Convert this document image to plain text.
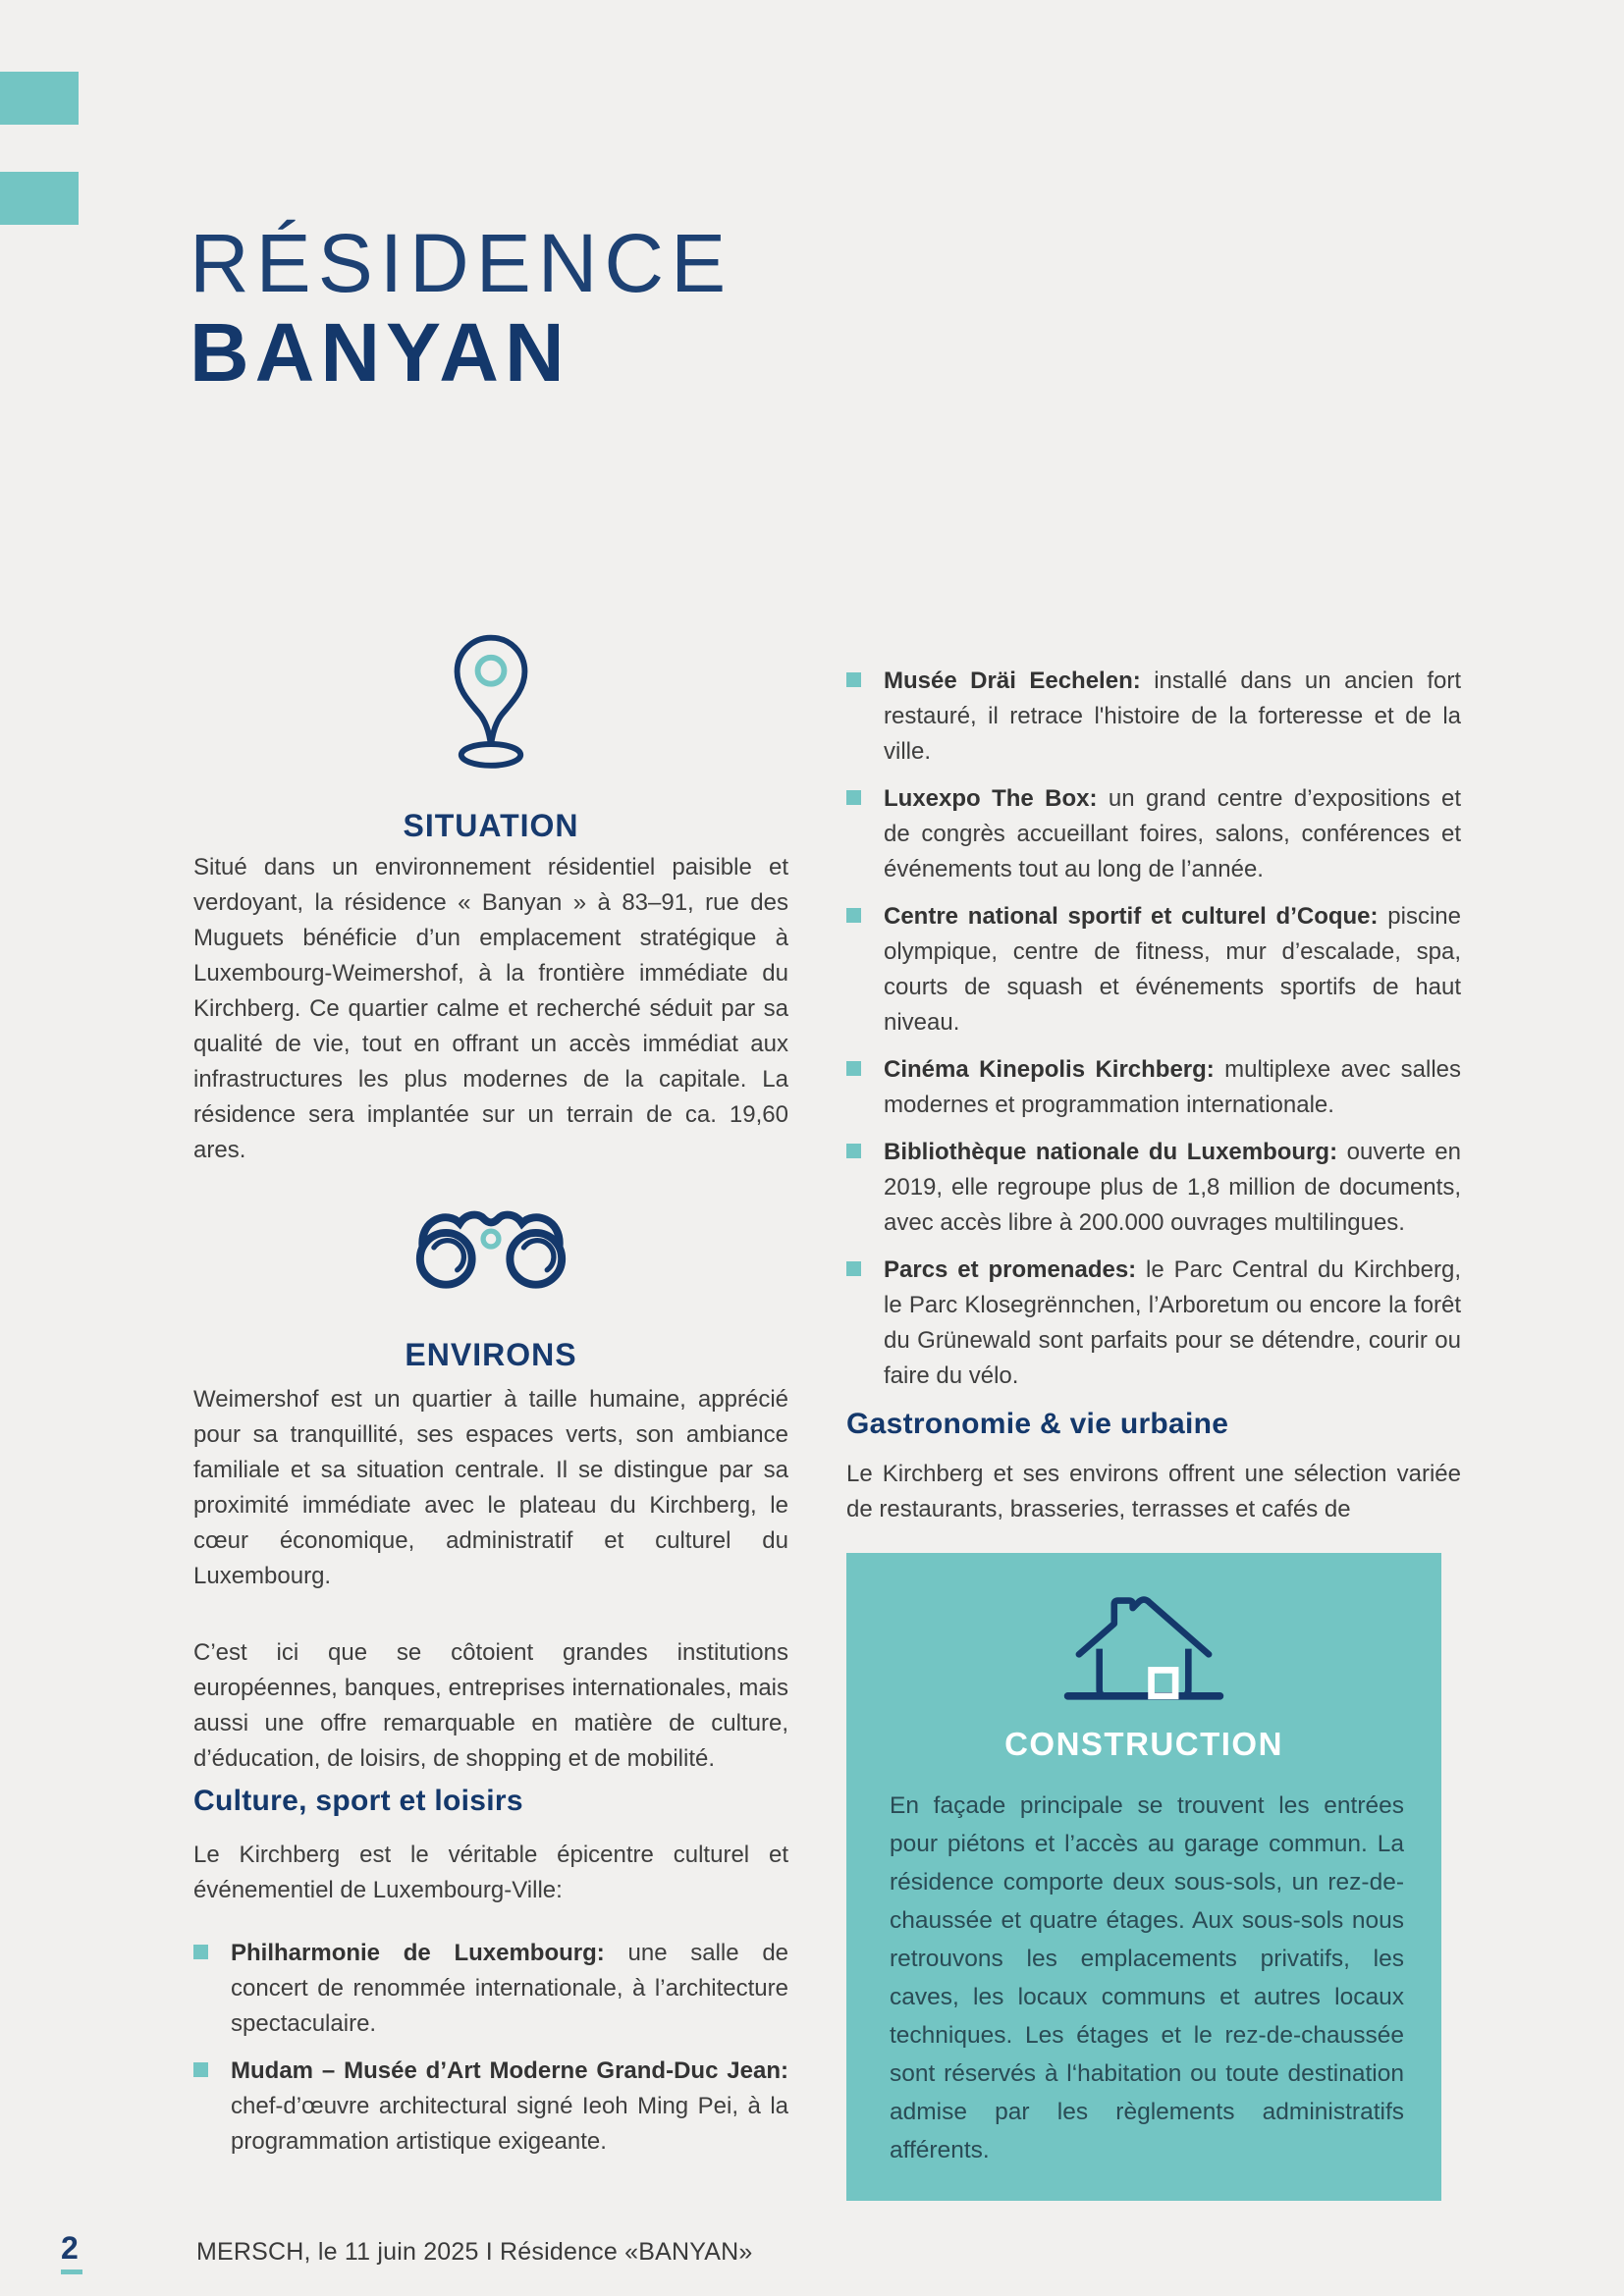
RÉSIDENCE
BANYAN
SITUATION
Situé dans un environnement résidentiel paisible et verdoyant, la résidence « Banyan » à 83–91, rue des Muguets bénéficie d’un emplacement stratégique à Luxembourg-Weimershof, à la frontière immédiate du Kirchberg. Ce quartier calme et recherché séduit par sa qualité de vie, tout en offrant un accès immédiat aux infrastructures les plus modernes de la capitale. La résidence sera implantée sur un terrain de ca. 19,60 ares.
ENVIRONS
Weimershof est un quartier à taille humaine, apprécié pour sa tranquillité, ses espaces verts, son ambiance familiale et sa situation centrale. Il se distingue par sa proximité immédiate avec le plateau du Kirchberg, le cœur économique, administratif et culturel du Luxembourg.
C’est ici que se côtoient grandes institutions européennes, banques, entreprises internationales, mais aussi une offre remarquable en matière de culture, d’éducation, de loisirs, de shopping et de mobilité.
Culture, sport et loisirs
Le Kirchberg est le véritable épicentre culturel et événementiel de Luxembourg-Ville:
Philharmonie de Luxembourg: une salle de concert de renommée internationale, à l’architecture spectaculaire.
Mudam – Musée d’Art Moderne Grand-Duc Jean: chef-d’œuvre architectural signé Ieoh Ming Pei, à la programmation artistique exigeante.
Musée Dräi Eechelen: installé dans un ancien fort restauré, il retrace l'histoire de la forteresse et de la ville.
Luxexpo The Box: un grand centre d’expositions et de congrès accueillant foires, salons, conférences et événements tout au long de l’année.
Centre national sportif et culturel d’Coque: piscine olympique, centre de fitness, mur d’escalade, spa, courts de squash et événements sportifs de haut niveau.
Cinéma Kinepolis Kirchberg: multiplexe avec salles modernes et programmation internationale.
Bibliothèque nationale du Luxembourg: ouverte en 2019, elle regroupe plus de 1,8 million de documents, avec accès libre à 200.000 ouvrages multilingues.
Parcs et promenades: le Parc Central du Kirchberg, le Parc Klosegrënnchen, l’Arboretum ou encore la forêt du Grünewald sont parfaits pour se détendre, courir ou faire du vélo.
Gastronomie & vie urbaine
Le Kirchberg et ses environs offrent une sélection variée de restaurants, brasseries, terrasses et cafés de
CONSTRUCTION
En façade principale se trouvent les entrées pour piétons et l’accès au garage commun. La résidence comporte deux sous-sols, un rez-de-chaussée et quatre étages. Aux sous-sols nous retrouvons les emplacements privatifs, les caves, les locaux communs et autres locaux techniques. Les étages et le rez-de-chaussée sont réservés à l‘habitation ou toute destination admise par les règlements administratifs afférents.
2	MERSCH, le 11 juin 2025 I Résidence «BANYAN»
